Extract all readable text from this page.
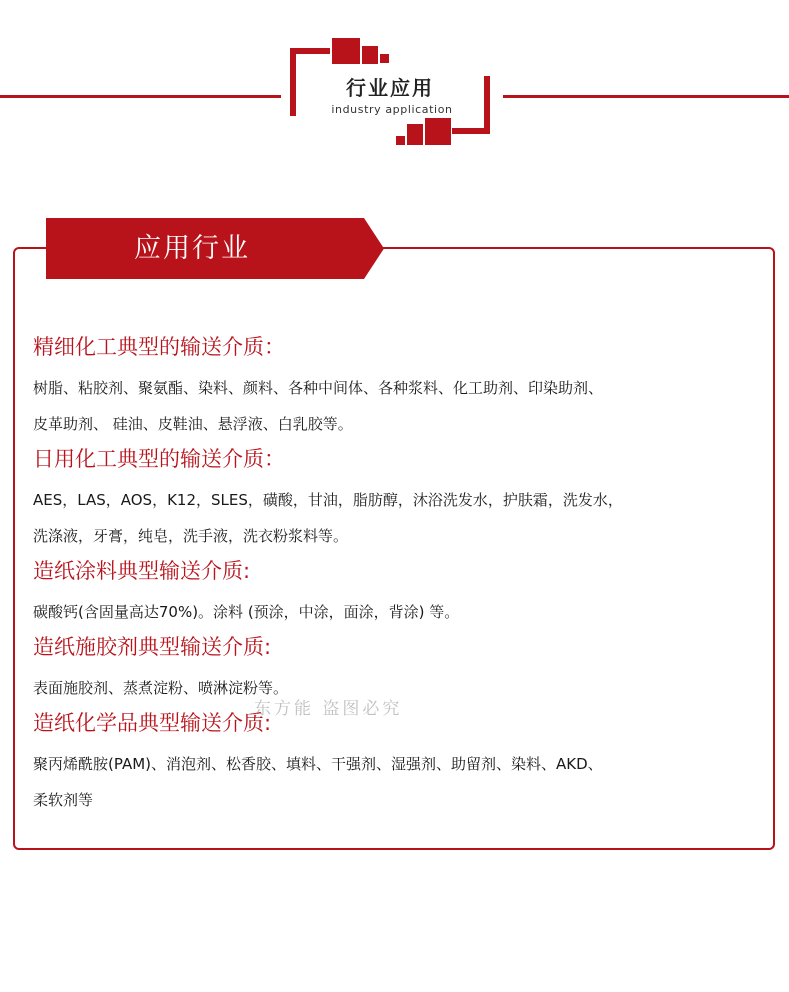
行业应用
industry application
应用行业
精细化工典型的输送介质：
树脂、粘胶剂、聚氨酯、染料、颜料、各种中间体、各种浆料、化工助剂、印染助剂、
皮革助剂、 硅油、皮鞋油、悬浮液、白乳胶等。
日用化工典型的输送介质：
AES，LAS，AOS，K12，SLES，磺酸，甘油，脂肪醇，沐浴洗发水，护肤霜，洗发水，
洗涤液，牙膏，纯皂，洗手液，洗衣粉浆料等。
造纸涂料典型输送介质:
碳酸钙(含固量高达70%)。涂料 (预涂，中涂，面涂，背涂) 等。
造纸施胶剂典型输送介质:
表面施胶剂、蒸煮淀粉、喷淋淀粉等。
造纸化学品典型输送介质:
聚丙烯酰胺(PAM)、消泡剂、松香胶、填料、干强剂、湿强剂、助留剂、染料、AKD、
柔软剂等
东方能 盗图必究
